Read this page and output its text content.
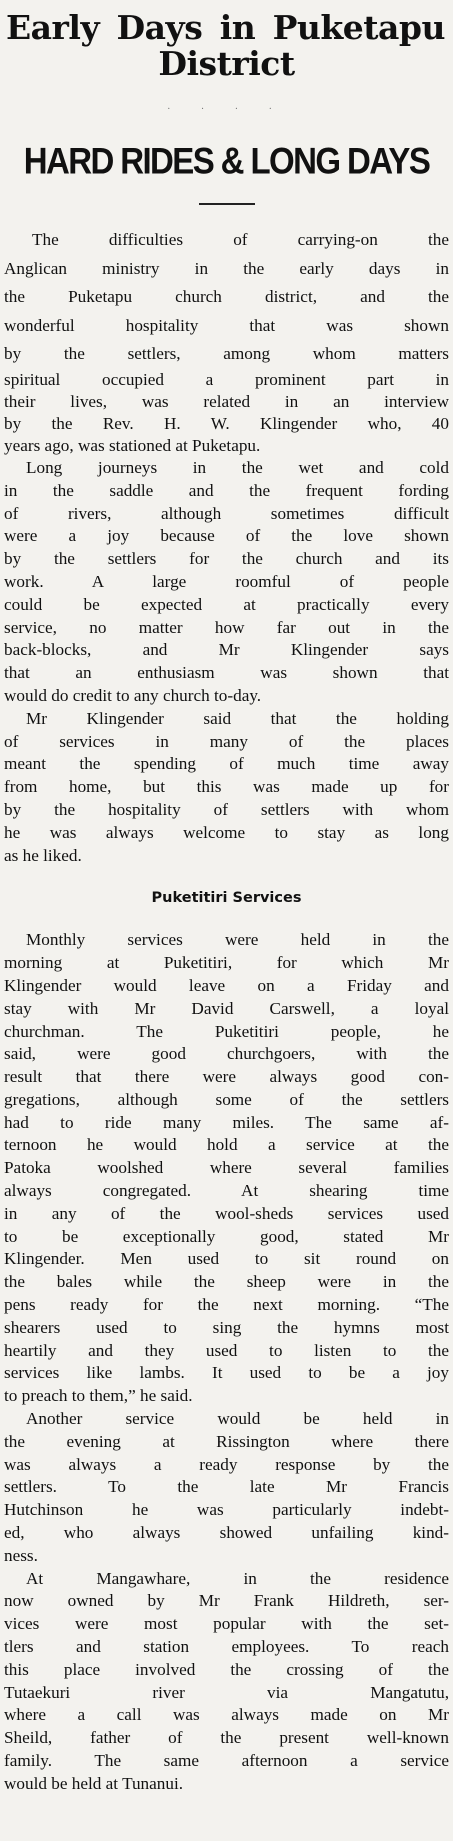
Early Days in Puketapu
District
· · · ·
HARD RIDES & LONG DAYS
The difficulties of carrying-on the
Anglican ministry in the early days in
the Puketapu church district, and the
wonderful hospitality that was shown
by the settlers, among whom matters
spiritual occupied a prominent part in
their lives, was related in an interview
by the Rev. H. W. Klingender who, 40
years ago, was stationed at Puketapu.
Long journeys in the wet and cold
in the saddle and the frequent fording
of rivers, although sometimes difficult
were a joy because of the love shown
by the settlers for the church and its
work. A large roomful of people
could be expected at practically every
service, no matter how far out in the
back-blocks, and Mr Klingender says
that an enthusiasm was shown that
would do credit to any church to-day.
Mr Klingender said that the holding
of services in many of the places
meant the spending of much time away
from home, but this was made up for
by the hospitality of settlers with whom
he was always welcome to stay as long
as he liked.
Puketitiri Services
Monthly services were held in the
morning at Puketitiri, for which Mr
Klingender would leave on a Friday and
stay with Mr David Carswell, a loyal
churchman. The Puketitiri people, he
said, were good churchgoers, with the
result that there were always good con-
gregations, although some of the settlers
had to ride many miles. The same af-
ternoon he would hold a service at the
Patoka woolshed where several families
always congregated. At shearing time
in any of the wool-sheds services used
to be exceptionally good, stated Mr
Klingender. Men used to sit round on
the bales while the sheep were in the
pens ready for the next morning. “The
shearers used to sing the hymns most
heartily and they used to listen to the
services like lambs. It used to be a joy
to preach to them,” he said.
Another service would be held in
the evening at Rissington where there
was always a ready response by the
settlers. To the late Mr Francis
Hutchinson he was particularly indebt-
ed, who always showed unfailing kind-
ness.
At Mangawhare, in the residence
now owned by Mr Frank Hildreth, ser-
vices were most popular with the set-
tlers and station employees. To reach
this place involved the crossing of the
Tutaekuri river via Mangatutu,
where a call was always made on Mr
Sheild, father of the present well-known
family. The same afternoon a service
would be held at Tunanui.
